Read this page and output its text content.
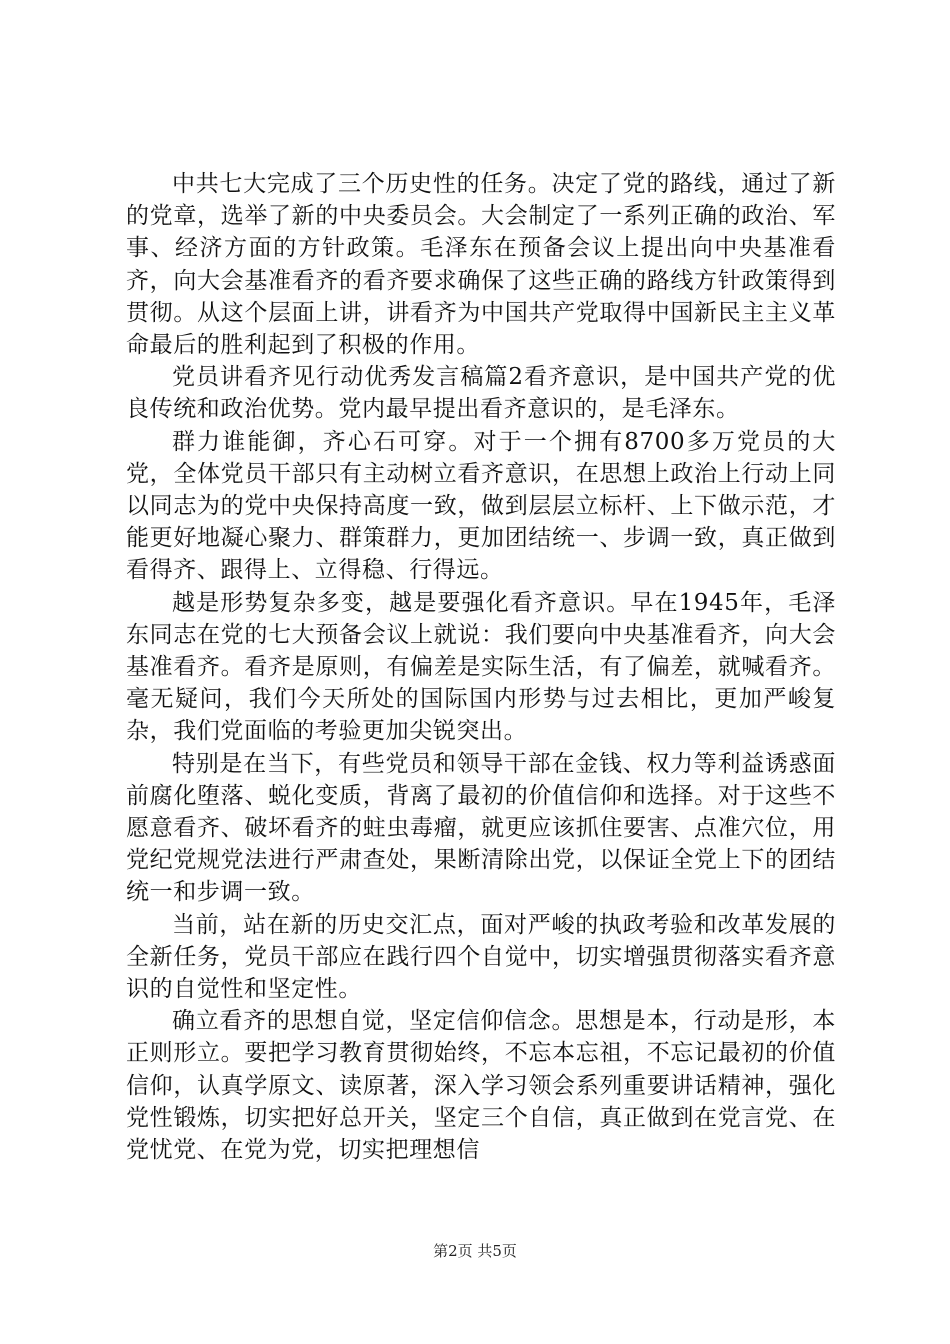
中共七大完成了三个历史性的任务。决定了党的路线，通过了新的党章，选举了新的中央委员会。大会制定了一系列正确的政治、军事、经济方面的方针政策。毛泽东在预备会议上提出向中央基准看齐，向大会基准看齐的看齐要求确保了这些正确的路线方针政策得到贯彻。从这个层面上讲，讲看齐为中国共产党取得中国新民主主义革命最后的胜利起到了积极的作用。

党员讲看齐见行动优秀发言稿篇2看齐意识，是中国共产党的优良传统和政治优势。党内最早提出看齐意识的，是毛泽东。

群力谁能御，齐心石可穿。对于一个拥有8700多万党员的大党，全体党员干部只有主动树立看齐意识，在思想上政治上行动上同以同志为的党中央保持高度一致，做到层层立标杆、上下做示范，才能更好地凝心聚力、群策群力，更加团结统一、步调一致，真正做到看得齐、跟得上、立得稳、行得远。

越是形势复杂多变，越是要强化看齐意识。早在1945年，毛泽东同志在党的七大预备会议上就说：我们要向中央基准看齐，向大会基准看齐。看齐是原则，有偏差是实际生活，有了偏差，就喊看齐。毫无疑问，我们今天所处的国际国内形势与过去相比，更加严峻复杂，我们党面临的考验更加尖锐突出。

特别是在当下，有些党员和领导干部在金钱、权力等利益诱惑面前腐化堕落、蜕化变质，背离了最初的价值信仰和选择。对于这些不愿意看齐、破坏看齐的蛀虫毒瘤，就更应该抓住要害、点准穴位，用党纪党规党法进行严肃查处，果断清除出党，以保证全党上下的团结统一和步调一致。

当前，站在新的历史交汇点，面对严峻的执政考验和改革发展的全新任务，党员干部应在践行四个自觉中，切实增强贯彻落实看齐意识的自觉性和坚定性。

确立看齐的思想自觉，坚定信仰信念。思想是本，行动是形，本正则形立。要把学习教育贯彻始终，不忘本忘祖，不忘记最初的价值信仰，认真学原文、读原著，深入学习领会系列重要讲话精神，强化党性锻炼，切实把好总开关，坚定三个自信，真正做到在党言党、在党忧党、在党为党，切实把理想信

第2页 共5页
